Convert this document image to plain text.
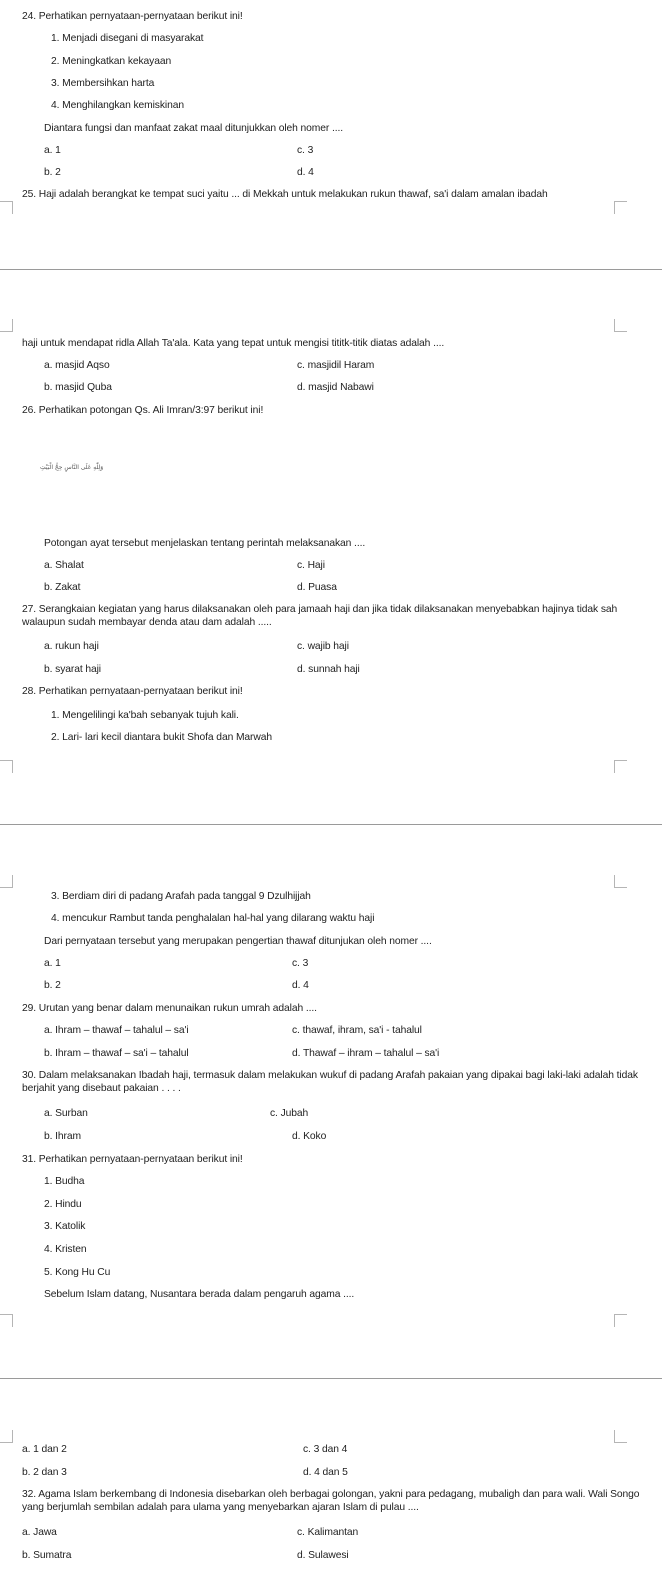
24. Perhatikan pernyataan-pernyataan berikut ini!
1. Menjadi disegani di masyarakat
2. Meningkatkan kekayaan
3. Membersihkan harta
4. Menghilangkan kemiskinan
Diantara fungsi dan manfaat zakat maal ditunjukkan oleh nomer ....
a. 1	c. 3
b. 2	d. 4
25. Haji adalah berangkat ke tempat suci yaitu ... di Mekkah untuk melakukan rukun thawaf, sa'i dalam amalan ibadah
haji untuk mendapat ridla Allah Ta'ala. Kata yang tepat untuk mengisi tititk-titik diatas adalah ....
a. masjid Aqso	c. masjidil Haram
b. masjid Quba	d. masjid Nabawi
26. Perhatikan potongan Qs. Ali Imran/3:97 berikut ini!
وَلِلّٰهِ عَلَى النَّاسِ حِجُّ الْبَيْتِ
Potongan ayat tersebut menjelaskan tentang perintah melaksanakan ....
a. Shalat	c. Haji
b. Zakat	d. Puasa
27. Serangkaian kegiatan yang harus dilaksanakan oleh para jamaah haji dan jika tidak dilaksanakan menyebabkan hajinya tidak sah walaupun sudah membayar denda atau dam adalah .....
a. rukun haji	c. wajib haji
b. syarat haji	d. sunnah haji
28. Perhatikan pernyataan-pernyataan berikut ini!
1. Mengelilingi ka'bah sebanyak tujuh kali.
2. Lari- lari kecil diantara bukit Shofa dan Marwah
3. Berdiam diri di padang Arafah pada tanggal 9 Dzulhijjah
4. mencukur Rambut tanda penghalalan hal-hal yang dilarang waktu haji
Dari pernyataan tersebut yang merupakan pengertian thawaf ditunjukan oleh nomer ....
a. 1	c. 3
b. 2	d. 4
29. Urutan yang benar dalam menunaikan rukun umrah adalah ....
a. Ihram – thawaf – tahalul – sa'i	c. thawaf, ihram, sa'i - tahalul
b. Ihram – thawaf – sa'i – tahalul	d. Thawaf – ihram – tahalul – sa'i
30. Dalam melaksanakan Ibadah haji, termasuk dalam melakukan wukuf di padang Arafah pakaian yang dipakai bagi laki-laki adalah tidak berjahit yang disebaut pakaian . . . .
a. Surban	c. Jubah
b. Ihram	d. Koko
31. Perhatikan pernyataan-pernyataan berikut ini!
1. Budha
2. Hindu
3. Katolik
4. Kristen
5. Kong Hu Cu
Sebelum Islam datang, Nusantara berada dalam pengaruh agama ....
a. 1 dan 2	c. 3 dan 4
b. 2 dan 3	d. 4 dan 5
32. Agama Islam berkembang di Indonesia disebarkan oleh berbagai golongan, yakni para pedagang, mubaligh dan para wali. Wali Songo yang berjumlah sembilan adalah para ulama yang menyebarkan ajaran Islam di pulau ....
a. Jawa	c. Kalimantan
b. Sumatra	d. Sulawesi
